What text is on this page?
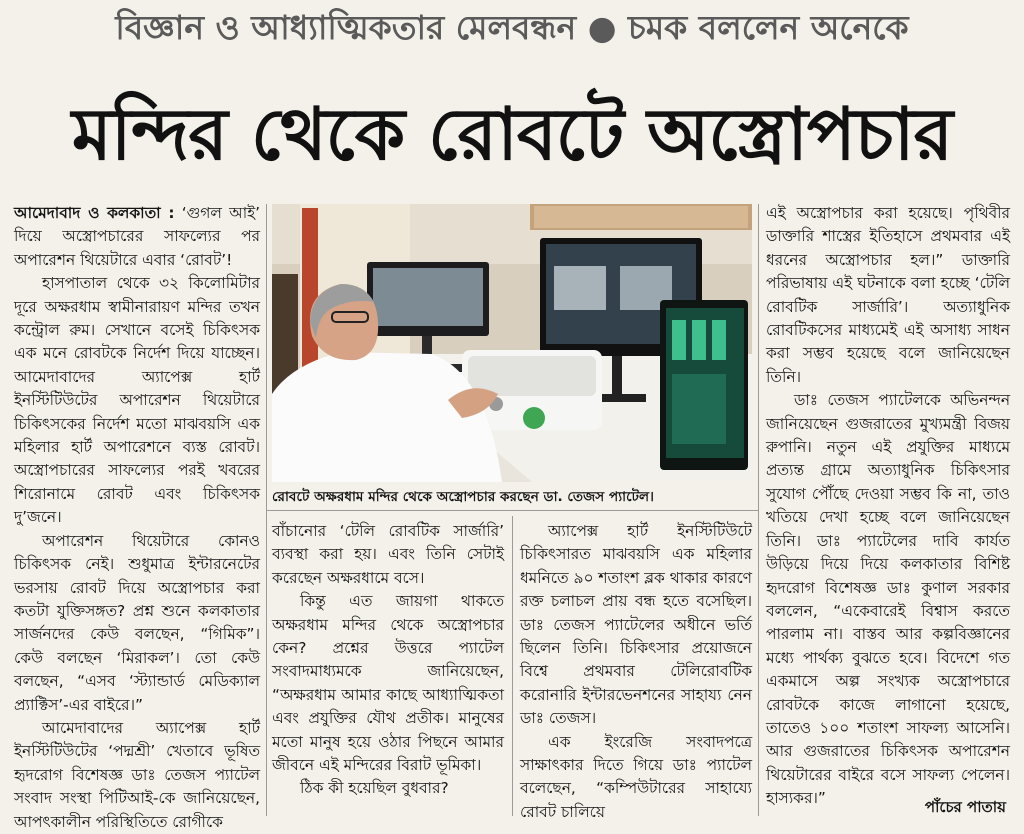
বিজ্ঞান ও আধ্যাত্মিকতার মেলবন্ধন ● চমক বললেন অনেকে
মন্দির থেকে রোবটে অস্ত্রোপচার

আমেদাবাদ ও কলকাতা : ‘গুগল আই’ দিয়ে অস্ত্রোপচারের সাফল্যের পর অপারেশন থিয়েটারে এবার ‘রোবট’!

হাসপাতাল থেকে ৩২ কিলোমিটার দূরে অক্ষরধাম স্বামীনারায়ণ মন্দির তখন কন্ট্রোল রুম। সেখানে বসেই চিকিৎসক এক মনে রোবটকে নির্দেশ দিয়ে যাচ্ছেন। আমেদাবাদের অ্যাপেক্স হার্ট ইনস্টিটিউটের অপারেশন থিয়েটারে চিকিৎসকের নির্দেশ মতো মাঝবয়সি এক মহিলার হার্ট অপারেশনে ব্যস্ত রোবট। অস্ত্রোপচারের সাফল্যের পরই খবরের শিরোনামে রোবট এবং চিকিৎসক দু’জনে।

অপারেশন থিয়েটারে কোনও চিকিৎসক নেই। শুধুমাত্র ইন্টারনেটের ভরসায় রোবট দিয়ে অস্ত্রোপচার করা কতটা যুক্তিসঙ্গত? প্রশ্ন শুনে কলকাতার সার্জনদের কেউ বলছেন, “গিমিক”। কেউ বলছেন ‘মিরাকল’। তো কেউ বলছেন, “এসব ‘স্ট্যান্ডার্ড মেডিক্যাল প্র্যাক্টিস’-এর বাইরে।”

আমেদাবাদের অ্যাপেক্স হার্ট ইনস্টিটিউটের ‘পদ্মশ্রী’ খেতাবে ভূষিত হৃদরোগ বিশেষজ্ঞ ডাঃ তেজস প্যাটেল সংবাদ সংস্থা পিটিআই-কে জানিয়েছেন, আপৎকালীন পরিস্থিতিতে রোগীকে

রোবটে অক্ষরধাম মন্দির থেকে অস্ত্রোপচার করছেন ডা. তেজস প্যাটেল।

বাঁচানোর ‘টেলি রোবটিক সার্জারি’ ব্যবস্থা করা হয়। এবং তিনি সেটাই করেছেন অক্ষরধামে বসে।

কিন্তু এত জায়গা থাকতে অক্ষরধাম মন্দির থেকে অস্ত্রোপচার কেন? প্রশ্নের উত্তরে প্যাটেল সংবাদমাধ্যমকে জানিয়েছেন, “অক্ষরধাম আমার কাছে আধ্যাত্মিকতা এবং প্রযুক্তির যৌথ প্রতীক। মানুষের মতো মানুষ হয়ে ওঠার পিছনে আমার জীবনে এই মন্দিরের বিরাট ভূমিকা।

ঠিক কী হয়েছিল বুধবার?

অ্যাপেক্স হার্ট ইনস্টিটিউটে চিকিৎসারত মাঝবয়সি এক মহিলার ধমনিতে ৯০ শতাংশ ব্লক থাকার কারণে রক্ত চলাচল প্রায় বন্ধ হতে বসেছিল। ডাঃ তেজস প্যাটেলের অধীনে ভর্তি ছিলেন তিনি। চিকিৎসার প্রয়োজনে বিশ্বে প্রথমবার টেলিরোবটিক করোনারি ইন্টারভেনশনের সাহায্য নেন ডাঃ তেজস।

এক ইংরেজি সংবাদপত্রে সাক্ষাৎকার দিতে গিয়ে ডাঃ প্যাটেল বলেছেন, “কম্পিউটারের সাহায্যে রোবট চালিয়ে

এই অস্ত্রোপচার করা হয়েছে। পৃথিবীর ডাক্তারি শাস্ত্রের ইতিহাসে প্রথমবার এই ধরনের অস্ত্রোপচার হল।” ডাক্তারি পরিভাষায় এই ঘটনাকে বলা হচ্ছে ‘টেলি রোবটিক সার্জারি’। অত্যাধুনিক রোবটিকসের মাধ্যমেই এই অসাধ্য সাধন করা সম্ভব হয়েছে বলে জানিয়েছেন তিনি।

ডাঃ তেজস প্যাটেলকে অভিনন্দন জানিয়েছেন গুজরাতের মুখ্যমন্ত্রী বিজয় রুপানি। নতুন এই প্রযুক্তির মাধ্যমে প্রত্যন্ত গ্রামে অত্যাধুনিক চিকিৎসার সুযোগ পৌঁছে দেওয়া সম্ভব কি না, তাও খতিয়ে দেখা হচ্ছে বলে জানিয়েছেন তিনি। ডাঃ প্যাটেলের দাবি কার্যত উড়িয়ে দিয়ে দিয়ে কলকাতার বিশিষ্ট হৃদরোগ বিশেষজ্ঞ ডাঃ কুণাল সরকার বললেন, “একেবারেই বিশ্বাস করতে পারলাম না। বাস্তব আর কল্পবিজ্ঞানের মধ্যে পার্থক্য বুঝতে হবে। বিদেশে গত একমাসে অল্প সংখ্যক অস্ত্রোপচারে রোবটকে কাজে লাগানো হয়েছে, তাতেও ১০০ শতাংশ সাফল্য আসেনি। আর গুজরাতের চিকিৎসক অপারেশন থিয়েটারের বাইরে বসে সাফল্য পেলেন। হাস্যকর।”	পাঁচের পাতায়
